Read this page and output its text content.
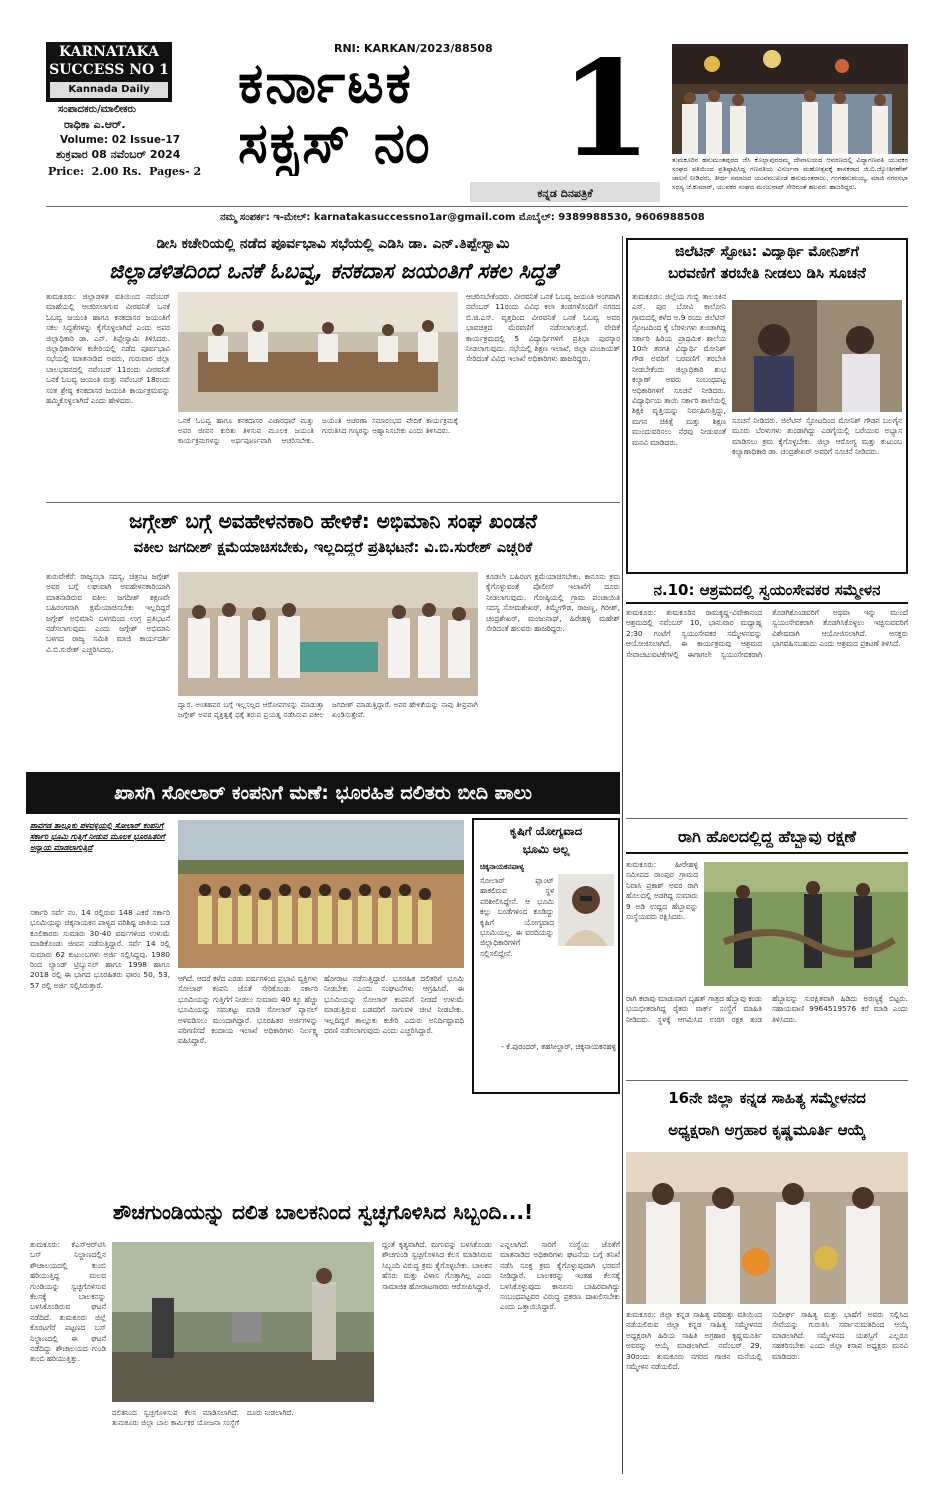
KARNATAKA
SUCCESS NO 1
Kannada Daily
ಸಂಪಾದಕರು/ಮಾಲೀಕರು
ರಾಧಿಕಾ ಎ.ಆರ್.
Volume: 02 Issue-17
ಶುಕ್ರವಾರ 08 ನವೆಂಬರ್ 2024
Price:  2.00 Rs.  Pages- 2
RNI: KARKAN/2023/88508
ಕರ್ನಾಟಕ
ಸಕ್ಸಸ್ ನಂ 1
ಕನ್ನಡ ದಿನಪತ್ರಿಕೆ
ತುಮಕೂರಿನ ಹನುಮಂತಪುರದ ಜೆಸಿ ಕೊಲ್ಲಾಪುರದಮ್ಮ ದೇವಾಲಯದ ಆವರಣದಲ್ಲಿ ವಿದ್ಯಾಗಣಪತಿ ಯುವಕರ ಸಂಘದ ವತಿಯಿಂದ ಪ್ರತಿಷ್ಠಾಪಿಸಿದ್ದ ಗಣಪತಿಯ ವಿಸರ್ಜನಾ ಮಹೋತ್ಸವಕ್ಕೆ ಶಾಸಕರಾದ ಜಿ.ಬಿ.ಜ್ಯೋತಿಗಣೇಶ್ ಚಾಲನೆ ನೀಡಿದರು. ತೀರ್ಥ ಸಮಾಜದ ಯುವಮುಖಂಡ ಹನುಮಂತರಾಜು, ಗಂಗಹನುಮಯ್ಯ, ಮಾಜಿ ನಗರಸಭಾ ಸದಸ್ಯ ಜೆ.ಕುಮಾರ್, ಯುವಕರ ಸಂಘದ ಮಂಜುನಾಥ್ ಸೇರಿದಂತೆ ಹಲವರು ಹಾಜರಿದ್ದರು.
ನಮ್ಮ ಸಂಪರ್ಕ: ಇ-ಮೇಲ್: karnatakasuccessno1ar@gmail.com ಮೊಬೈಲ್: 9389988530, 9606988508
ಡೀಸಿ ಕಚೇರಿಯಲ್ಲಿ ನಡೆದ ಪೂರ್ವಭಾವಿ ಸಭೆಯಲ್ಲಿ ಎಡಿಸಿ ಡಾ. ಎನ್.ತಿಪ್ಪೇಸ್ವಾಮಿ
ಜಿಲ್ಲಾಡಳಿತದಿಂದ ಒನಕೆ ಓಬವ್ವ, ಕನಕದಾಸ ಜಯಂತಿಗೆ ಸಕಲ ಸಿದ್ಧತೆ
ತುಮಕೂರು: ಜಿಲ್ಲಾಡಳಿತ ವತಿಯಿಂದ ನವೆಂಬರ್ ಮಾಹೆಯಲ್ಲಿ ಆಚರಿಸಲಾಗುವ ವೀರವನಿತೆ ಒನಕೆ ಓಬವ್ವ ಜಯಂತಿ ಹಾಗೂ ಕನಕದಾಸರ ಜಯಂತಿಗೆ ಸಕಲ ಸಿದ್ಧತೆಗಳನ್ನು ಕೈಗೊಳ್ಳಲಾಗಿದೆ ಎಂದು ಅಪರ ಜಿಲ್ಲಾಧಿಕಾರಿ ಡಾ. ಎನ್. ತಿಪ್ಪೇಸ್ವಾಮಿ ತಿಳಿಸಿದರು. ಜಿಲ್ಲಾಧಿಕಾರಿಗಳ ಕಚೇರಿಯಲ್ಲಿ ನಡೆದ ಪೂರ್ವಭಾವಿ ಸಭೆಯಲ್ಲಿ ಮಾತನಾಡಿದ ಅವರು, ಗುರುವಾರ ಜಿಲ್ಲಾ ಬಾಲಭವನದಲ್ಲಿ ನವೆಂಬರ್ 11ರಂದು ವೀರವನಿತೆ ಒನಕೆ ಓಬವ್ವ ಜಯಂತಿ ಮತ್ತು ನವೆಂಬರ್ 18ರಂದು ಸಂತ ಶ್ರೇಷ್ಠ ಕನಕದಾಸರ ಜಯಂತಿ ಕಾರ್ಯಕ್ರಮವನ್ನು ಹಮ್ಮಿಕೊಳ್ಳಲಾಗಿದೆ ಎಂದು ಹೇಳಿದರು.
ಒನಕೆ ಓಬವ್ವ ಹಾಗೂ ಕನಕದಾಸರ ವಿಚಾರಧಾರೆ ಮತ್ತು ಅವರ ಜೀವನ ಕುರಿತು ತಿಳಿಸುವ ಮೂಲಕ ಜಯಂತಿ ಕಾರ್ಯಕ್ರಮಗಳನ್ನು ಅರ್ಥಪೂರ್ಣವಾಗಿ ಆಚರಿಸಬೇಕು. ಜಯಂತಿ ಆಚರಣಾ ಸಮಾರಂಭದ ವೇದಿಕೆ ಕಾರ್ಯಕ್ರಮಕ್ಕೆ ಗುರುತಿಸಿದ ಗಣ್ಯರನ್ನು ಆಹ್ವಾನಿಸಬೇಕು ಎಂದು ತಿಳಿಸಿದರು.
ಆಚರಿಸಬೇಕೆಂದರು. ವೀರವನಿತೆ ಒನಕೆ ಓಬವ್ವ ಜಯಂತಿ ಅಂಗವಾಗಿ ನವೆಂಬರ್ 11ರಂದು ವಿವಿಧ ಕಲಾ ತಂಡಗಳೊಂದಿಗೆ ನಗರದ ಬಿ.ಜಿ.ಎಸ್. ವೃತ್ತದಿಂದ ವೀರವನಿತೆ ಒನಕೆ ಓಬವ್ವ ಅವರ ಭಾವಚಿತ್ರದ ಮೆರವಣಿಗೆ ನಡೆಸಲಾಗುತ್ತದೆ. ವೇದಿಕೆ ಕಾರ್ಯಕ್ರಮದಲ್ಲಿ 5 ವಿದ್ಯಾರ್ಥಿಗಳಿಗೆ ಪ್ರತಿಭಾ ಪುರಸ್ಕಾರ ನೀಡಲಾಗುವುದು. ಸಭೆಯಲ್ಲಿ ಶಿಕ್ಷಣ ಇಲಾಖೆ, ಜಿಲ್ಲಾ ಪಂಚಾಯತ್ ಸೇರಿದಂತೆ ವಿವಿಧ ಇಲಾಖೆ ಅಧಿಕಾರಿಗಳು ಹಾಜರಿದ್ದರು.
ಜಿಲೆಟಿನ್ ಸ್ಫೋಟ: ವಿದ್ಯಾರ್ಥಿ ಮೋನಿಶ್‌ಗೆ
ಬರವಣಿಗೆ ತರಬೇತಿ ನೀಡಲು ಡಿಸಿ ಸೂಚನೆ
ತುಮಕೂರು: ಜಿಲ್ಲೆಯ ಗುಬ್ಬಿ ತಾಲೂಕಿನ ಎಸ್. ಪುರ ಬೋವಿ ಕಾಲೋನಿ ಗ್ರಾಮದಲ್ಲಿ ಕಳೆದ ಅ.9 ರಂದು ಜಿಲೆಟಿನ್ ಸ್ಫೋಟದಿಂದ ಕೈ ಬೆರಳುಗಳು ತುಂಡಾಗಿದ್ದ ಸರ್ಕಾರಿ ಹಿರಿಯ ಪ್ರಾಥಮಿಕ ಶಾಲೆಯ 10ನೇ ತರಗತಿ ವಿದ್ಯಾರ್ಥಿ ಮೋನಿಶ್ ಗೌಡ ಅವರಿಗೆ ಬರವಣಿಗೆ ತರಬೇತಿ ನೀಡಬೇಕೆಂದು ಜಿಲ್ಲಾಧಿಕಾರಿ ಶುಭ ಕಲ್ಯಾಣ್ ಅವರು ಸಂಬಂಧಪಟ್ಟ ಅಧಿಕಾರಿಗಳಿಗೆ ಸೂಚನೆ ನೀಡಿದರು. ವಿದ್ಯಾರ್ಥಿಯ ತಾಯಿ ಸರ್ಕಾರಿ ಶಾಲೆಯಲ್ಲಿ ಶಿಕ್ಷಕಿ ವೃತ್ತಿಯನ್ನು ನಿರ್ವಹಿಸುತ್ತಿದ್ದು, ಮಗನ ಚಿಕಿತ್ಸೆ ಮತ್ತು ಶಿಕ್ಷಣ ಮುಂದುವರಿಸಲು ನೆರವು ನೀಡುವಂತೆ ಮನವಿ ಮಾಡಿದರು.
ಸೂಚನೆ ನೀಡಿದರು. ಜಿಲೆಟಿನ್ ಸ್ಫೋಟದಿಂದ ಮೋನಿಶ್ ಗೌಡನ ಬಲಗೈನ ಮೂರು ಬೆರಳುಗಳು ತುಂಡಾಗಿದ್ದು ಎಡಗೈಯಲ್ಲಿ ಬರೆಯುವ ಅಭ್ಯಾಸ ಮಾಡಿಸಲು ಕ್ರಮ ಕೈಗೊಳ್ಳಬೇಕು. ಜಿಲ್ಲಾ ಆರೋಗ್ಯ ಮತ್ತು ಕುಟುಂಬ ಕಲ್ಯಾಣಾಧಿಕಾರಿ ಡಾ. ಚಂದ್ರಶೇಖರ್ ಅವರಿಗೆ ಸೂಚನೆ ನೀಡಿದರು.
ಜಗ್ಗೇಶ್ ಬಗ್ಗೆ ಅವಹೇಳನಕಾರಿ ಹೇಳಿಕೆ: ಅಭಿಮಾನಿ ಸಂಘ ಖಂಡನೆ
ವಕೀಲ ಜಗದೀಶ್ ಕ್ಷಮೆಯಾಚಿಸಬೇಕು, ಇಲ್ಲದಿದ್ದರೆ ಪ್ರತಿಭಟನೆ: ವಿ.ಬಿ.ಸುರೇಶ್ ಎಚ್ಚರಿಕೆ
ತುರುವೇಕೆರೆ: ರಾಜ್ಯಸಭಾ ಸದಸ್ಯ, ಚಿತ್ರನಟ ಜಗ್ಗೇಶ್ ಅವರ ಬಗ್ಗೆ ಲಘುವಾಗಿ ಅವಹೇಳನಕಾರಿಯಾಗಿ ಮಾತನಾಡಿರುವ ವಕೀಲ ಜಗದೀಶ್ ತಕ್ಷಣವೇ ಬಹಿರಂಗವಾಗಿ ಕ್ಷಮೆಯಾಚಿಸಬೇಕು ಇಲ್ಲದಿದ್ದರೆ ಜಗ್ಗೇಶ್ ಅಭಿಮಾನಿ ಬಳಗದಿಂದ ಉಗ್ರ ಪ್ರತಿಭಟನೆ ನಡೆಸಲಾಗುವುದು ಎಂದು ಜಗ್ಗೇಶ್ ಅಭಿಮಾನಿ ಬಳಗದ ರಾಜ್ಯ ಸಮಿತಿ ಮಾಜಿ ಕಾರ್ಯದರ್ಶಿ ವಿ.ಬಿ.ಸುರೇಶ್ ಎಚ್ಚರಿಸಿದರು.
ದ್ವಾರ. ಅಂತಹವರ ಬಗ್ಗೆ ಇಲ್ಲಸಲ್ಲದ ಆರೋಪಗಳನ್ನು ಮಾಡುತ್ತಾ ಜಗ್ಗೇಶ್ ಅವರ ವ್ಯಕ್ತಿತ್ವಕ್ಕೆ ಧಕ್ಕೆ ತರುವ ಪ್ರಯತ್ನ ನಡೆಸಿರುವ ವಕೀಲ ಜಗದೀಶ್ ಮಾಡುತ್ತಿದ್ದಾರೆ. ಅವರ ಹೇಳಿಕೆಯನ್ನು ನಾವು ತೀವ್ರವಾಗಿ ಖಂಡಿಸುತ್ತೇವೆ.
ಕೂಡಲೇ ಬಹಿರಂಗ ಕ್ಷಮೆಯಾಚಿಸಬೇಕು. ಕಾನೂನು ಕ್ರಮ ಕೈಗೊಳ್ಳುವಂತೆ ಪೊಲೀಸ್ ಇಲಾಖೆಗೆ ದೂರು ನೀಡಲಾಗುವುದು. ಗೋಷ್ಠಿಯಲ್ಲಿ ಗ್ರಾಮ ಪಂಚಾಯಿತಿ ಸದಸ್ಯ ಸೋಮಶೇಖರ್, ತಿಮ್ಮೇಗೌಡ, ರಾಜಣ್ಣ, ಗಿರೀಶ್, ಚಂದ್ರಶೇಖರ್, ಮಂಜುನಾಥ್, ಹಿರೇಹಳ್ಳಿ ಮಹೇಶ್ ಸೇರಿದಂತೆ ಹಲವರು ಹಾಜರಿದ್ದರು.
ನ.10: ಆಶ್ರಮದಲ್ಲಿ ಸ್ವಯಂಸೇವಕರ ಸಮ್ಮೇಳನ
ತುಮಕೂರು: ತುಮಕೂರಿನ ರಾಮಕೃಷ್ಣ-ವಿವೇಕಾನಂದ ಆಶ್ರಮದಲ್ಲಿ ನವೆಂಬರ್ 10, ಭಾನುವಾರ ಮಧ್ಯಾಹ್ನ 2:30 ಗಂಟೆಗೆ ಸ್ವಯಂಸೇವಕರ ಸಮ್ಮೇಳನವನ್ನು ಆಯೋಜಿಸಲಾಗಿದೆ. ಈ ಕಾರ್ಯಕ್ರಮವು ಆಶ್ರಮದ ಸೇವಾಚಟುವಟಿಕೆಗಳಲ್ಲಿ ಈಗಾಗಲೇ ಸ್ವಯಂಸೇವಕರಾಗಿ ತೊಡಗಿಕೊಂಡವರಿಗೆ ಅಥವಾ ಇನ್ನು ಮುಂದೆ ಸ್ವಯಂಸೇವಕರಾಗಿ ತೊಡಗಿಸಿಕೊಳ್ಳಲು ಇಚ್ಛಿಸುವವರಿಗೆ ವಿಶೇಷವಾಗಿ ಆಯೋಜಿಸಲಾಗಿದೆ. ಆಸಕ್ತರು ಭಾಗವಹಿಸಬಹುದು ಎಂದು ಆಶ್ರಮದ ಪ್ರಕಟಣೆ ತಿಳಿಸಿದೆ.
ಖಾಸಗಿ ಸೋಲಾರ್ ಕಂಪನಿಗೆ ಮಣೆ: ಭೂರಹಿತ ದಲಿತರು ಬೀದಿ ಪಾಲು
ಪಾವಗಡ ತಾಲ್ಲೂಕು ಪಳವಳ್ಳಿಯಲ್ಲಿ ಸೋಲಾರ್ ಕಂಪನಿಗೆ ಸರ್ಕಾರಿ ಭೂಮಿ ಗುತ್ತಿಗೆ ನೀಡುವ ಮೂಲಕ ಭೂರಹಿತರಿಗೆ ಅನ್ಯಾಯ ಮಾಡಲಾಗುತ್ತಿದೆ
ಸರ್ಕಾರಿ ಸರ್ವೆ ನಂ. 14 ರಲ್ಲಿರುವ 148 ಎಕರೆ ಸರ್ಕಾರಿ ಭೂಮಿಯನ್ನು ಚಿಕ್ಕನಾಯಕನ ಪಾಳ್ಯದ ಪರಿಶಿಷ್ಟ ಜಾತಿಯ ಬಡ ಕೂಲಿಕಾರರು ಸುಮಾರು 30-40 ವರ್ಷಗಳಿಂದ ಉಳುಮೆ ಮಾಡಿಕೊಂಡು ಜೀವನ ನಡೆಸುತ್ತಿದ್ದಾರೆ. ಸರ್ವೆ 14 ರಲ್ಲಿ ಸುಮಾರು 62 ಕುಟುಂಬಗಳು ಅರ್ಜಿ ಸಲ್ಲಿಸಿದ್ದವು. 1980 ರಿಂದ ಲ್ಯಾಂಡ್ ಟ್ರಿಬ್ಯುನಲ್ ಹಾಗೂ 1998 ಹಾಗೂ 2018 ರಲ್ಲಿ ಈ ಭಾಗದ ಭೂರಹಿತರು ಫಾರಂ 50, 53, 57 ರಲ್ಲಿ ಅರ್ಜಿ ಸಲ್ಲಿಸಿರುತ್ತಾರೆ.
ಆಗಿದೆ. ಆದರೆ ಕಳೆದ ಎರಡು ವರ್ಷಗಳಿಂದ ಪ್ರಭಾವಿ ವ್ಯಕ್ತಿಗಳು ಸೋಲಾರ್ ಕಂಪನಿ ಜೊತೆ ಸೇರಿಕೊಂಡು ಸರ್ಕಾರಿ ಭೂಮಿಯನ್ನು ಗುತ್ತಿಗೆಗೆ ನೀಡಲು ಸುಮಾರು 40 ಕ್ಕೂ ಹೆಚ್ಚು ಭೂಮಿಯನ್ನು ಸಮತಟ್ಟು ಮಾಡಿ ಸೋಲಾರ್ ಪ್ಯಾನಲ್ ಅಳವಡಿಸಲು ಮುಂದಾಗಿದ್ದಾರೆ. ಭೂರಹಿತರ ಅರ್ಜಿಗಳನ್ನು ಪರಿಗಣಿಸದೆ ಕಂದಾಯ ಇಲಾಖೆ ಅಧಿಕಾರಿಗಳು ನಿರ್ಲಕ್ಷ್ಯ ವಹಿಸಿದ್ದಾರೆ.
ಹೋರಾಟ ನಡೆಸುತ್ತಿದ್ದಾರೆ. ಭೂರಹಿತ ದಲಿತರಿಗೆ ಭೂಮಿ ನೀಡಬೇಕು ಎಂದು ಸಂಘಟನೆಗಳು ಆಗ್ರಹಿಸಿವೆ. ಈ ಭೂಮಿಯನ್ನು ಸೋಲಾರ್ ಕಂಪನಿಗೆ ನೀಡದೆ ಉಳುಮೆ ಮಾಡುತ್ತಿರುವ ಬಡವರಿಗೆ ಸಾಗುವಳಿ ಚೀಟಿ ನೀಡಬೇಕು. ಇಲ್ಲದಿದ್ದರೆ ತಾಲ್ಲೂಕು ಕಚೇರಿ ಎದುರು ಅನಿರ್ದಿಷ್ಟಾವಧಿ ಧರಣಿ ನಡೆಸಲಾಗುವುದು ಎಂದು ಎಚ್ಚರಿಸಿದ್ದಾರೆ.
ಕೃಷಿಗೆ ಯೋಗ್ಯವಾದ
ಭೂಮಿ ಅಲ್ಲ
ಚಿಕ್ಕನಾಯಕನಪಾಳ್ಯ
ಸೋಲಾರ್ ಪ್ಲಾಂಟ್ ಹಾಕಲಿರುವ ಸ್ಥಳ ಪರಿಶೀಲಿಸಿದ್ದೇನೆ. ಆ ಭೂಮಿ ಕಲ್ಲು ಬಂಡೆಗಳಿಂದ ಕೂಡಿದ್ದು ಕೃಷಿಗೆ ಯೋಗ್ಯವಾದ ಭೂಮಿಯಲ್ಲ. ಈ ವರದಿಯನ್ನು ಜಿಲ್ಲಾಧಿಕಾರಿಗಳಿಗೆ ಸಲ್ಲಿಸಲಿದ್ದೇನೆ.
- ಕೆ.ಪುರಂದರ್, ತಹಸೀಲ್ದಾರ್, ಚಿಕ್ಕನಾಯಕನಹಳ್ಳಿ
ರಾಗಿ ಹೊಲದಲ್ಲಿದ್ದ ಹೆಬ್ಬಾವು ರಕ್ಷಣೆ
ತುಮಕೂರು: ಹೀರೇಹಳ್ಳಿ ಸಮೀಪದ ರಾಂಪುರ ಗ್ರಾಮದ ನಿವಾಸಿ ಪ್ರಕಾಶ್ ಅವರ ರಾಗಿ ಹೊಲದಲ್ಲಿ ಅಡಗಿದ್ದ ಸುಮಾರು 9 ಅಡಿ ಉದ್ದದ ಹೆಬ್ಬಾವನ್ನು ಸಂಸ್ಥೆಯವರು ರಕ್ಷಿಸಿದರು.
ರಾಗಿ ಕಟಾವು ಮಾಡುವಾಗ ಬೃಹತ್ ಗಾತ್ರದ ಹೆಬ್ಬಾವು ಕಂಡು ಭಯಭೀತರಾಗಿದ್ದ ರೈತರು ವಾರ್ಕ್ ಸಂಸ್ಥೆಗೆ ಮಾಹಿತಿ ನೀಡಿದರು. ಸ್ಥಳಕ್ಕೆ ಆಗಮಿಸಿದ ಉರಗ ರಕ್ಷಕ ತಂಡ ಹೆಬ್ಬಾವನ್ನು ಸುರಕ್ಷಿತವಾಗಿ ಹಿಡಿದು ಅರಣ್ಯಕ್ಕೆ ಬಿಟ್ಟರು. ಸಹಾಯವಾಣಿ 9964519576 ಕರೆ ಮಾಡಿ ಎಂದು ತಿಳಿಸಿದರು.
16ನೇ ಜಿಲ್ಲಾ ಕನ್ನಡ ಸಾಹಿತ್ಯ ಸಮ್ಮೇಳನದ
ಅಧ್ಯಕ್ಷರಾಗಿ ಅಗ್ರಹಾರ ಕೃಷ್ಣಮೂರ್ತಿ ಆಯ್ಕೆ
ತುಮಕೂರು: ಜಿಲ್ಲಾ ಕನ್ನಡ ಸಾಹಿತ್ಯ ಪರಿಷತ್ತು ವತಿಯಿಂದ ನಡೆಯಲಿರುವ ಜಿಲ್ಲಾ ಕನ್ನಡ ಸಾಹಿತ್ಯ ಸಮ್ಮೇಳನದ ಅಧ್ಯಕ್ಷರಾಗಿ ಹಿರಿಯ ಸಾಹಿತಿ ಅಗ್ರಹಾರ ಕೃಷ್ಣಮೂರ್ತಿ ಅವರನ್ನು ಆಯ್ಕೆ ಮಾಡಲಾಗಿದೆ. ನವೆಂಬರ್ 29, 30ರಂದು ತುಮಕೂರು ನಗರದ ಗಾಜಿನ ಮನೆಯಲ್ಲಿ ಸಮ್ಮೇಳನ ನಡೆಯಲಿದೆ.
ಸುದೀರ್ಘ ಸಾಹಿತ್ಯ ಮತ್ತು ಭಾಷೆಗೆ ಅವರು ಸಲ್ಲಿಸಿದ ಸೇವೆಯನ್ನು ಗುರುತಿಸಿ ಸರ್ವಾನುಮತದಿಂದ ಆಯ್ಕೆ ಮಾಡಲಾಗಿದೆ. ಸಮ್ಮೇಳನದ ಯಶಸ್ವಿಗೆ ಎಲ್ಲರೂ ಸಹಕರಿಸಬೇಕು ಎಂದು ಜಿಲ್ಲಾ ಕಸಾಪ ಅಧ್ಯಕ್ಷರು ಮನವಿ ಮಾಡಿದರು.
ಶೌಚಗುಂಡಿಯನ್ನು ದಲಿತ ಬಾಲಕನಿಂದ ಸ್ವಚ್ಛಗೊಳಿಸಿದ ಸಿಬ್ಬಂದಿ...!
ತುಮಕೂರು: ಕೆಎಸ್‌ಆರ್‌ಟಿಸಿ ಬಸ್ ನಿಲ್ದಾಣದಲ್ಲಿನ ಶೌಚಾಲಯದಲ್ಲಿ ತುಂಬಿ ಹರಿಯುತ್ತಿದ್ದ ಮಲದ ಗುಂಡಿಯನ್ನು ಸ್ವಚ್ಛಗೊಳಿಸುವ ಕೆಲಸಕ್ಕೆ ಬಾಲಕನನ್ನು ಬಳಸಿಕೊಂಡಿರುವ ಘಟನೆ ನಡೆದಿದೆ. ತುಮಕೂರು ಜಿಲ್ಲೆ ಕೊರಟಗೆರೆ ಪಟ್ಟಣದ ಬಸ್ ನಿಲ್ದಾಣದಲ್ಲಿ ಈ ಘಟನೆ ನಡೆದಿದ್ದು ಶೌಚಾಲಯದ ಗುಂಡಿ ತುಂಬಿ ಹರಿಯುತ್ತಿತ್ತು.
ದಲಿತನಿಂದ ಸ್ವಚ್ಛಗೊಳಿಸುವ ಕೆಲಸ ಮಾಡಿಸಲಾಗಿದೆ. ತುಮಕೂರು ಜಿಲ್ಲಾ ಬಾಲ ಕಾರ್ಮಿಕರ ಯೋಜನಾ ಸಂಸ್ಥೆಗೆ ದೂರು ನೀಡಲಾಗಿದೆ.
ದ್ದಂತೆ ಕೃತ್ಯವಾಗಿದೆ. ಮಗುವನ್ನು ಬಳಸಿಕೊಂಡು ಶೌಚಗುಂಡಿ ಸ್ವಚ್ಛಗೊಳಿಸಿದ ಕೆಲಸ ಮಾಡಿಸಿರುವ ಸಿಬ್ಬಂದಿ ವಿರುದ್ಧ ಕ್ರಮ ಕೈಗೊಳ್ಳಬೇಕು. ಬಾಲಕನ ಹೆಸರು ಮತ್ತು ವಿಳಾಸ ಗೊತ್ತಾಗಿಲ್ಲ ಎಂದು ಸಾಮಾಜಿಕ ಹೋರಾಟಗಾರರು ಆರೋಪಿಸಿದ್ದಾರೆ.
ಎನ್ನಲಾಗಿದೆ. ಸಾರಿಗೆ ಸಂಸ್ಥೆಯ ಜೊತೆಗೆ ಮಾತನಾಡಿದ ಅಧಿಕಾರಿಗಳು ಘಟನೆಯ ಬಗ್ಗೆ ತನಿಖೆ ನಡೆಸಿ ಸೂಕ್ತ ಕ್ರಮ ಕೈಗೊಳ್ಳುವುದಾಗಿ ಭರವಸೆ ನೀಡಿದ್ದಾರೆ. ಬಾಲಕರನ್ನು ಇಂತಹ ಕೆಲಸಕ್ಕೆ ಬಳಸಿಕೊಳ್ಳುವುದು ಕಾನೂನು ಬಾಹಿರವಾಗಿದ್ದು ಸಂಬಂಧಪಟ್ಟವರ ವಿರುದ್ಧ ಪ್ರಕರಣ ದಾಖಲಿಸಬೇಕು ಎಂದು ಒತ್ತಾಯಿಸಿದ್ದಾರೆ.
